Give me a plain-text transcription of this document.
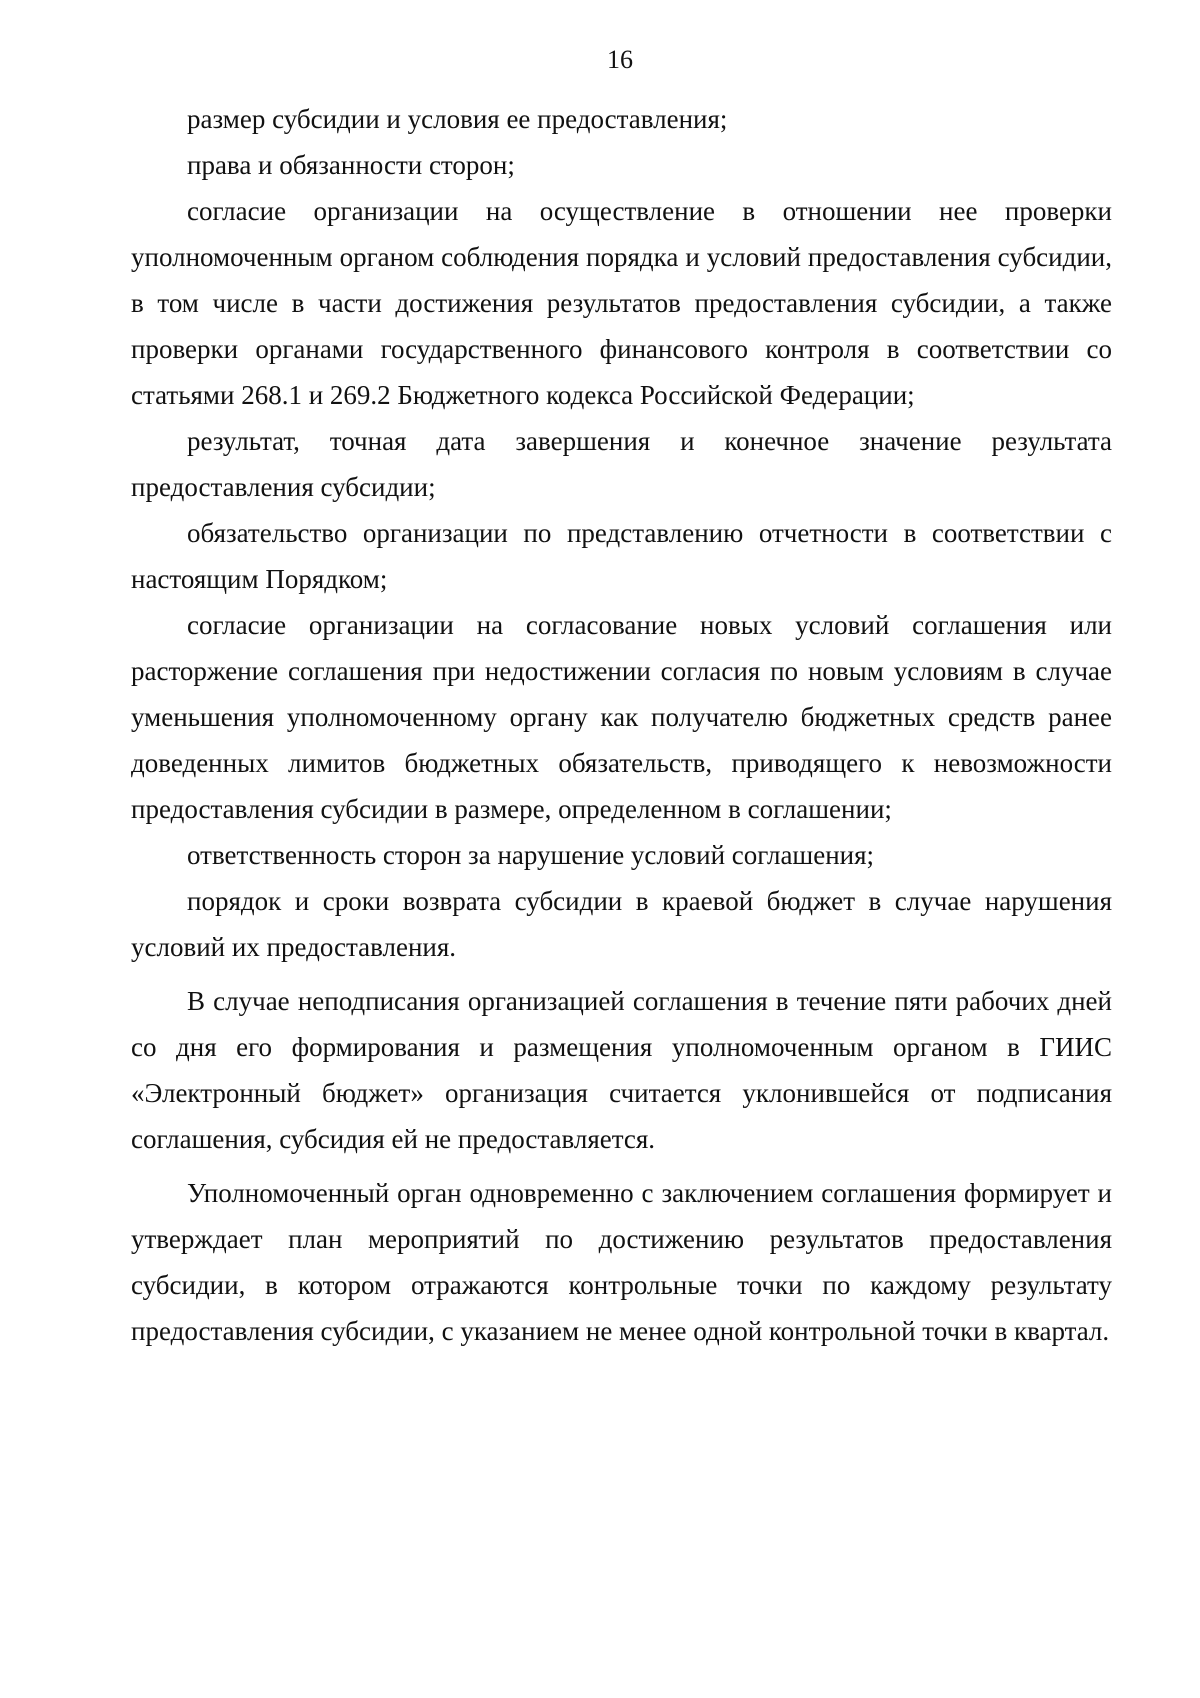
16

размер субсидии и условия ее предоставления;

права и обязанности сторон;

согласие организации на осуществление в отношении нее проверки уполномоченным органом соблюдения порядка и условий предоставления субсидии, в том числе в части достижения результатов предоставления субсидии, а также проверки органами государственного финансового контроля в соответствии со статьями 268.1 и 269.2 Бюджетного кодекса Российской Федерации;

результат, точная дата завершения и конечное значение результата предоставления субсидии;

обязательство организации по представлению отчетности в соответствии с настоящим Порядком;

согласие организации на согласование новых условий соглашения или расторжение соглашения при недостижении согласия по новым условиям в случае уменьшения уполномоченному органу как получателю бюджетных средств ранее доведенных лимитов бюджетных обязательств, приводящего к невозможности предоставления субсидии в размере, определенном в соглашении;

ответственность сторон за нарушение условий соглашения;

порядок и сроки возврата субсидии в краевой бюджет в случае нарушения условий их предоставления.

В случае неподписания организацией соглашения в течение пяти рабочих дней со дня его формирования и размещения уполномоченным органом в ГИИС «Электронный бюджет» организация считается уклонившейся от подписания соглашения, субсидия ей не предоставляется.

Уполномоченный орган одновременно с заключением соглашения формирует и утверждает план мероприятий по достижению результатов предоставления субсидии, в котором отражаются контрольные точки по каждому результату предоставления субсидии, с указанием не менее одной контрольной точки в квартал.
